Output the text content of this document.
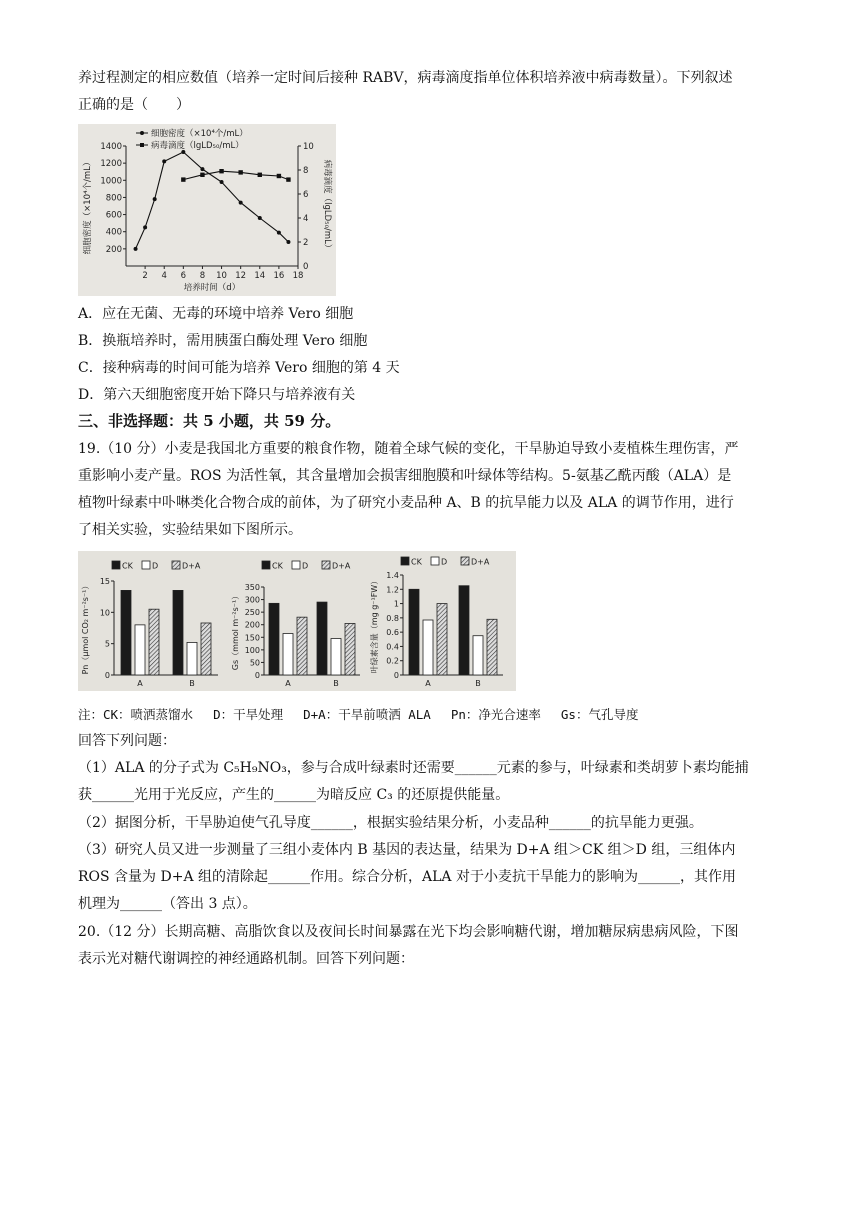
养过程测定的相应数值（培养一定时间后接种 RABV，病毒滴度指单位体积培养液中病毒数量）。下列叙述
正确的是（　　）
200
400
600
800
1000
1200
1400
2
4
6
8
10
0
2 4 6 8 10 12 14 16 18
细胞密度（×10⁴个/mL）
病毒滴度（lgLD₅₀/mL）
培养时间（d）
细胞密度（×10⁴个/mL）	病毒滴度（lgLD₅₀/mL）
A．应在无菌、无毒的环境中培养 Vero 细胞
B．换瓶培养时，需用胰蛋白酶处理 Vero 细胞
C．接种病毒的时间可能为培养 Vero 细胞的第 4 天
D．第六天细胞密度开始下降只与培养液有关
三、非选择题：共 5 小题，共 59 分。
19.（10 分）小麦是我国北方重要的粮食作物，随着全球气候的变化，干旱胁迫导致小麦植株生理伤害，严
重影响小麦产量。ROS 为活性氧，其含量增加会损害细胞膜和叶绿体等结构。5-氨基乙酰丙酸（ALA）是
植物叶绿素中卟啉类化合物合成的前体，为了研究小麦品种 A、B 的抗旱能力以及 ALA 的调节作用，进行
了相关实验，实验结果如下图所示。
0
5
10
15
A	B
CK D	D+A
Pn（μmol CO₂ m⁻²s⁻¹）
0
50
100
150
200
250
300
350
A	B
CK D	D+A
Gs（mmol m⁻²s⁻¹）
0
0.2
0.4
0.6
0.8
1
1.2
1.4
A	B
CK D	D+A
叶绿素含量（mg g⁻¹FW）
注：CK：喷洒蒸馏水　 D：干旱处理　 D+A：干旱前喷洒 ALA　 Pn：净光合速率　 Gs：气孔导度
回答下列问题：
（1）ALA 的分子式为 C₅H₉NO₃，参与合成叶绿素时还需要______元素的参与，叶绿素和类胡萝卜素均能捕
获______光用于光反应，产生的______为暗反应 C₃ 的还原提供能量。
（2）据图分析，干旱胁迫使气孔导度______，根据实验结果分析，小麦品种______的抗旱能力更强。
（3）研究人员又进一步测量了三组小麦体内 B 基因的表达量，结果为 D+A 组＞CK 组＞D 组，三组体内
ROS 含量为 D+A 组的清除起______作用。综合分析，ALA 对于小麦抗干旱能力的影响为______，其作用
机理为______（答出 3 点）。
20.（12 分）长期高糖、高脂饮食以及夜间长时间暴露在光下均会影响糖代谢，增加糖尿病患病风险，下图
表示光对糖代谢调控的神经通路机制。回答下列问题：
